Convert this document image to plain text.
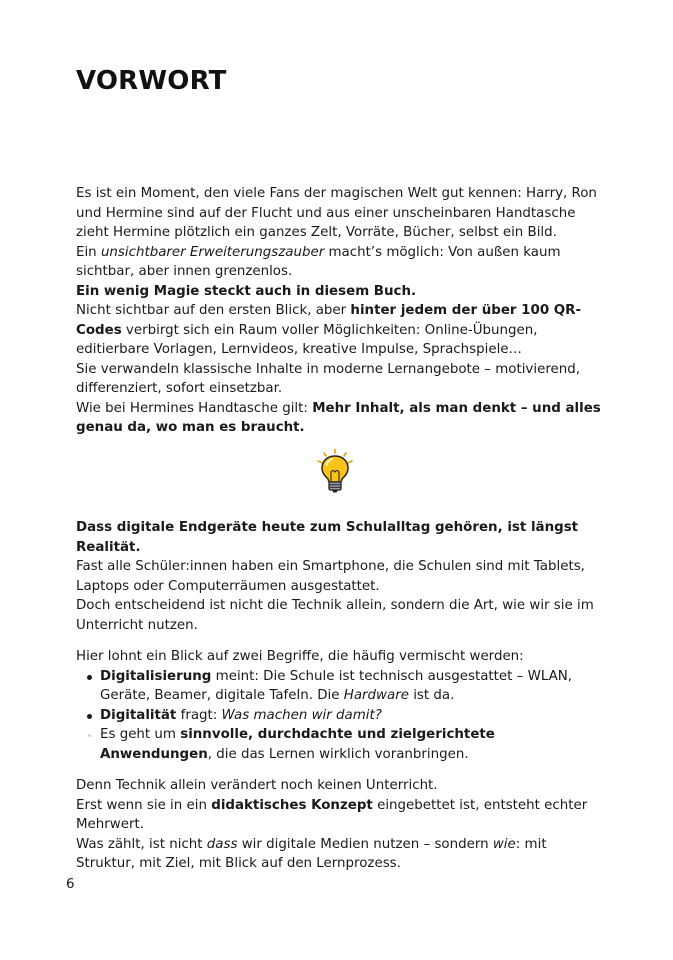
VORWORT

Es ist ein Moment, den viele Fans der magischen Welt gut kennen: Harry, Ron und Hermine sind auf der Flucht und aus einer unscheinbaren Handtasche zieht Hermine plötzlich ein ganzes Zelt, Vorräte, Bücher, selbst ein Bild.

Ein unsichtbarer Erweiterungszauber macht’s möglich: Von außen kaum sichtbar, aber innen grenzenlos.

Ein wenig Magie steckt auch in diesem Buch.

Nicht sichtbar auf den ersten Blick, aber hinter jedem der über 100 QR-Codes verbirgt sich ein Raum voller Möglichkeiten: Online-Übungen, editierbare Vorlagen, Lernvideos, kreative Impulse, Sprachspiele…

Sie verwandeln klassische Inhalte in moderne Lernangebote – motivierend, differenziert, sofort einsetzbar.

Wie bei Hermines Handtasche gilt: Mehr Inhalt, als man denkt – und alles genau da, wo man es braucht.

Dass digitale Endgeräte heute zum Schulalltag gehören, ist längst Realität.

Fast alle Schüler:innen haben ein Smartphone, die Schulen sind mit Tablets, Laptops oder Computerräumen ausgestattet.

Doch entscheidend ist nicht die Technik allein, sondern die Art, wie wir sie im Unterricht nutzen.

Hier lohnt ein Blick auf zwei Begriffe, die häufig vermischt werden:

Digitalisierung meint: Die Schule ist technisch ausgestattet – WLAN, Geräte, Beamer, digitale Tafeln. Die Hardware ist da.
Digitalität fragt: Was machen wir damit?
Es geht um sinnvolle, durchdachte und zielgerichtete Anwendungen, die das Lernen wirklich voranbringen.

Denn Technik allein verändert noch keinen Unterricht.

Erst wenn sie in ein didaktisches Konzept eingebettet ist, entsteht echter Mehrwert.

Was zählt, ist nicht dass wir digitale Medien nutzen – sondern wie: mit Struktur, mit Ziel, mit Blick auf den Lernprozess.

6
